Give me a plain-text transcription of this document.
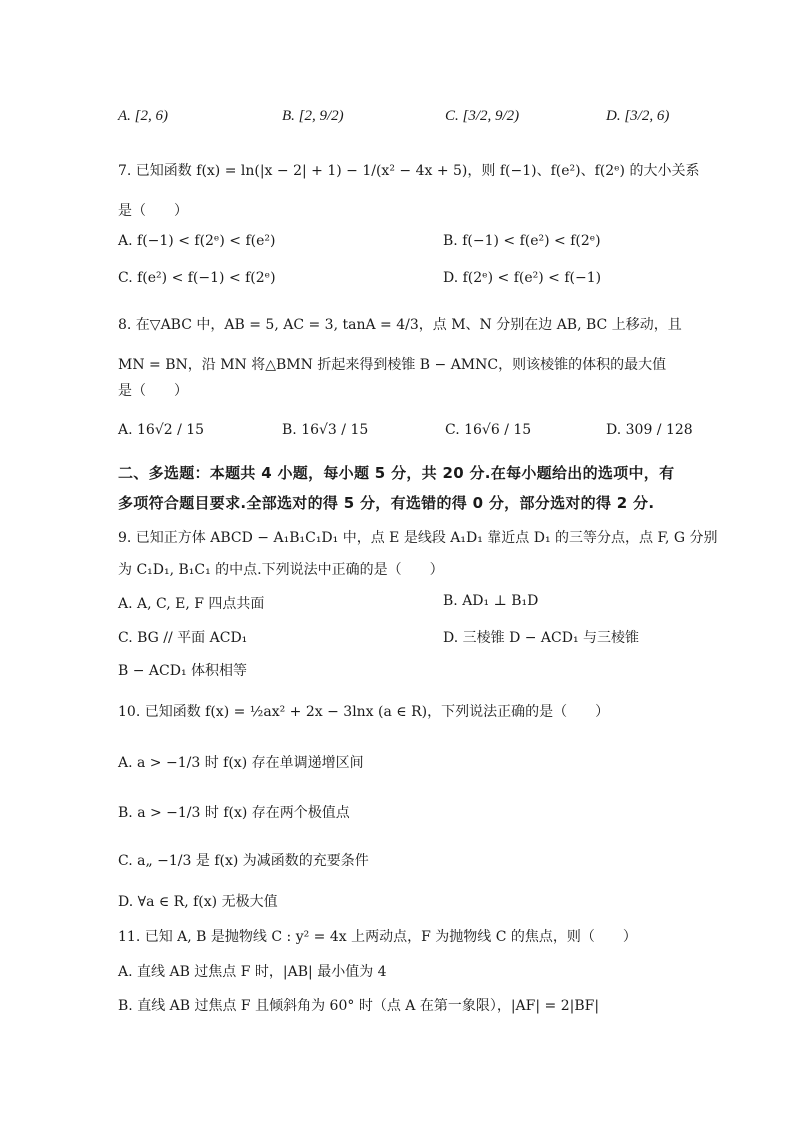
A. [2, 6)	B. [2, 9/2)	C. [3/2, 9/2)	D. [3/2, 6)
7. 已知函数 f(x) = ln(|x − 2| + 1) − 1/(x² − 4x + 5)，则 f(−1)、f(e²)、f(2ᵉ) 的大小关系
是（　　）
A. f(−1) < f(2ᵉ) < f(e²)	B. f(−1) < f(e²) < f(2ᵉ)
C. f(e²) < f(−1) < f(2ᵉ)	D. f(2ᵉ) < f(e²) < f(−1)
8. 在▽ABC 中，AB = 5, AC = 3, tanA = 4/3，点 M、N 分别在边 AB, BC 上移动，且
MN = BN，沿 MN 将△BMN 折起来得到棱锥 B − AMNC，则该棱锥的体积的最大值
是（　　）
A. 16√2 / 15	B. 16√3 / 15	C. 16√6 / 15	D. 309 / 128
二、多选题：本题共 4 小题，每小题 5 分，共 20 分.在每小题给出的选项中，有
多项符合题目要求.全部选对的得 5 分，有选错的得 0 分，部分选对的得 2 分.
9. 已知正方体 ABCD − A₁B₁C₁D₁ 中，点 E 是线段 A₁D₁ 靠近点 D₁ 的三等分点，点 F, G 分别
为 C₁D₁, B₁C₁ 的中点.下列说法中正确的是（　　）
A. A, C, E, F 四点共面	B. AD₁ ⊥ B₁D
C. BG // 平面 ACD₁	D. 三棱锥 D − ACD₁ 与三棱锥
B − ACD₁ 体积相等
10. 已知函数 f(x) = ½ax² + 2x − 3lnx (a ∈ R)，下列说法正确的是（　　）
A. a > −1/3 时 f(x) 存在单调递增区间
B. a > −1/3 时 f(x) 存在两个极值点
C. a„ −1/3 是 f(x) 为减函数的充要条件
D. ∀a ∈ R, f(x) 无极大值
11. 已知 A, B 是抛物线 C : y² = 4x 上两动点，F 为抛物线 C 的焦点，则（　　）
A. 直线 AB 过焦点 F 时，|AB| 最小值为 4
B. 直线 AB 过焦点 F 且倾斜角为 60° 时（点 A 在第一象限），|AF| = 2|BF|
